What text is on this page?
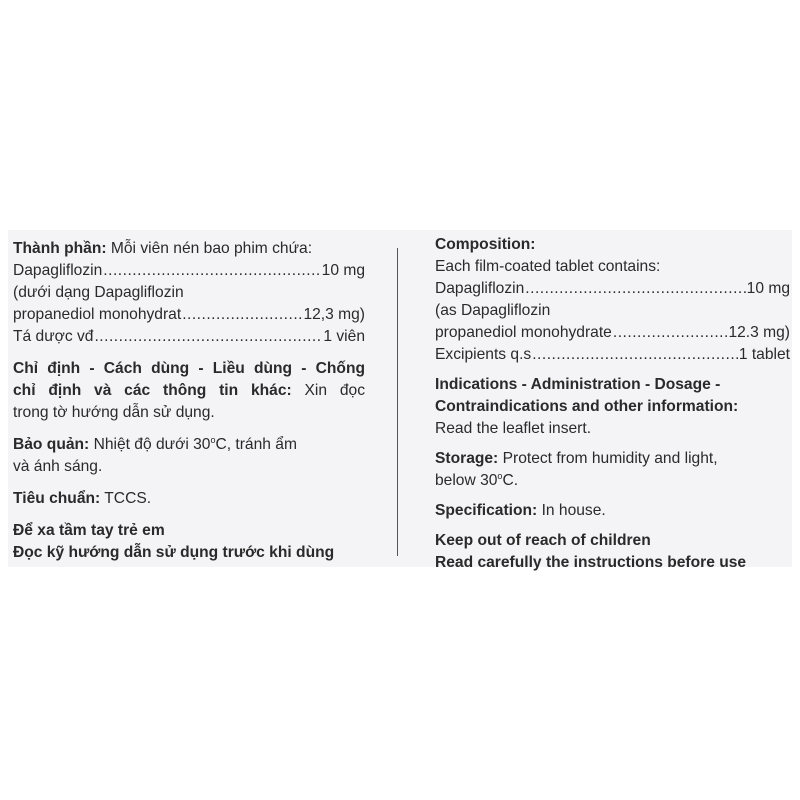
Thành phần: Mỗi viên nén bao phim chứa:

Dapagliflozin .....	10 mg

(dưới dạng Dapagliflozin

propanediol monohydrat .....	12,3 mg)
Tá dược vđ .....	1 viên

Chỉ định - Cách dùng - Liều dùng - Chống

chỉ định và các thông tin khác: Xin đọc

trong tờ hướng dẫn sử dụng.

Bảo quản: Nhiệt độ dưới 30$^o$C, tránh ẩm

và ánh sáng.

Tiêu chuẩn: TCCS.

Để xa tầm tay trẻ em

Đọc kỹ hướng dẫn sử dụng trước khi dùng

Composition:

Each film-coated tablet contains:

Dapagliflozin .....	10 mg

(as Dapagliflozin

propanediol monohydrate .....	12.3 mg)
Excipients q.s .....	1 tablet

Indications - Administration - Dosage -

Contraindications and other information:

Read the leaflet insert.

Storage: Protect from humidity and light,

below 30$^o$C.

Specification: In house.

Keep out of reach of children

Read carefully the instructions before use
